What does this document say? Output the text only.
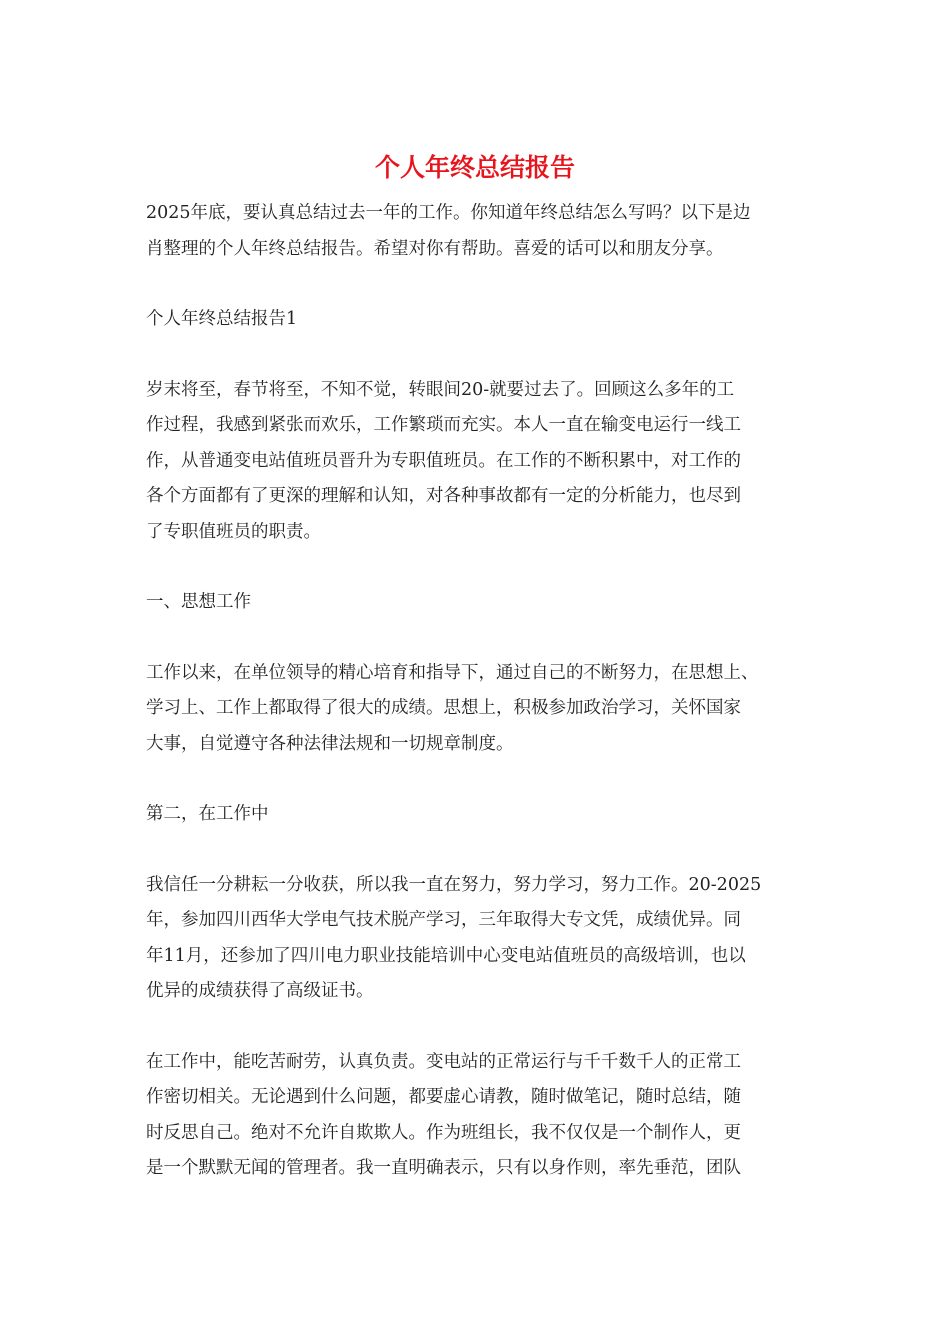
个人年终总结报告

2025年底，要认真总结过去一年的工作。你知道年终总结怎么写吗？以下是边
肖整理的个人年终总结报告。希望对你有帮助。喜爱的话可以和朋友分享。

个人年终总结报告1

岁末将至，春节将至，不知不觉，转眼间20-就要过去了。回顾这么多年的工
作过程，我感到紧张而欢乐，工作繁琐而充实。本人一直在输变电运行一线工
作，从普通变电站值班员晋升为专职值班员。在工作的不断积累中，对工作的
各个方面都有了更深的理解和认知，对各种事故都有一定的分析能力，也尽到
了专职值班员的职责。

一、思想工作

工作以来，在单位领导的精心培育和指导下，通过自己的不断努力，在思想上、
学习上、工作上都取得了很大的成绩。思想上，积极参加政治学习，关怀国家
大事，自觉遵守各种法律法规和一切规章制度。

第二，在工作中

我信任一分耕耘一分收获，所以我一直在努力，努力学习，努力工作。20-2025
年，参加四川西华大学电气技术脱产学习，三年取得大专文凭，成绩优异。同
年11月，还参加了四川电力职业技能培训中心变电站值班员的高级培训，也以
优异的成绩获得了高级证书。

在工作中，能吃苦耐劳，认真负责。变电站的正常运行与千千数千人的正常工
作密切相关。无论遇到什么问题，都要虚心请教，随时做笔记，随时总结，随
时反思自己。绝对不允许自欺欺人。作为班组长，我不仅仅是一个制作人，更
是一个默默无闻的管理者。我一直明确表示，只有以身作则，率先垂范，团队
